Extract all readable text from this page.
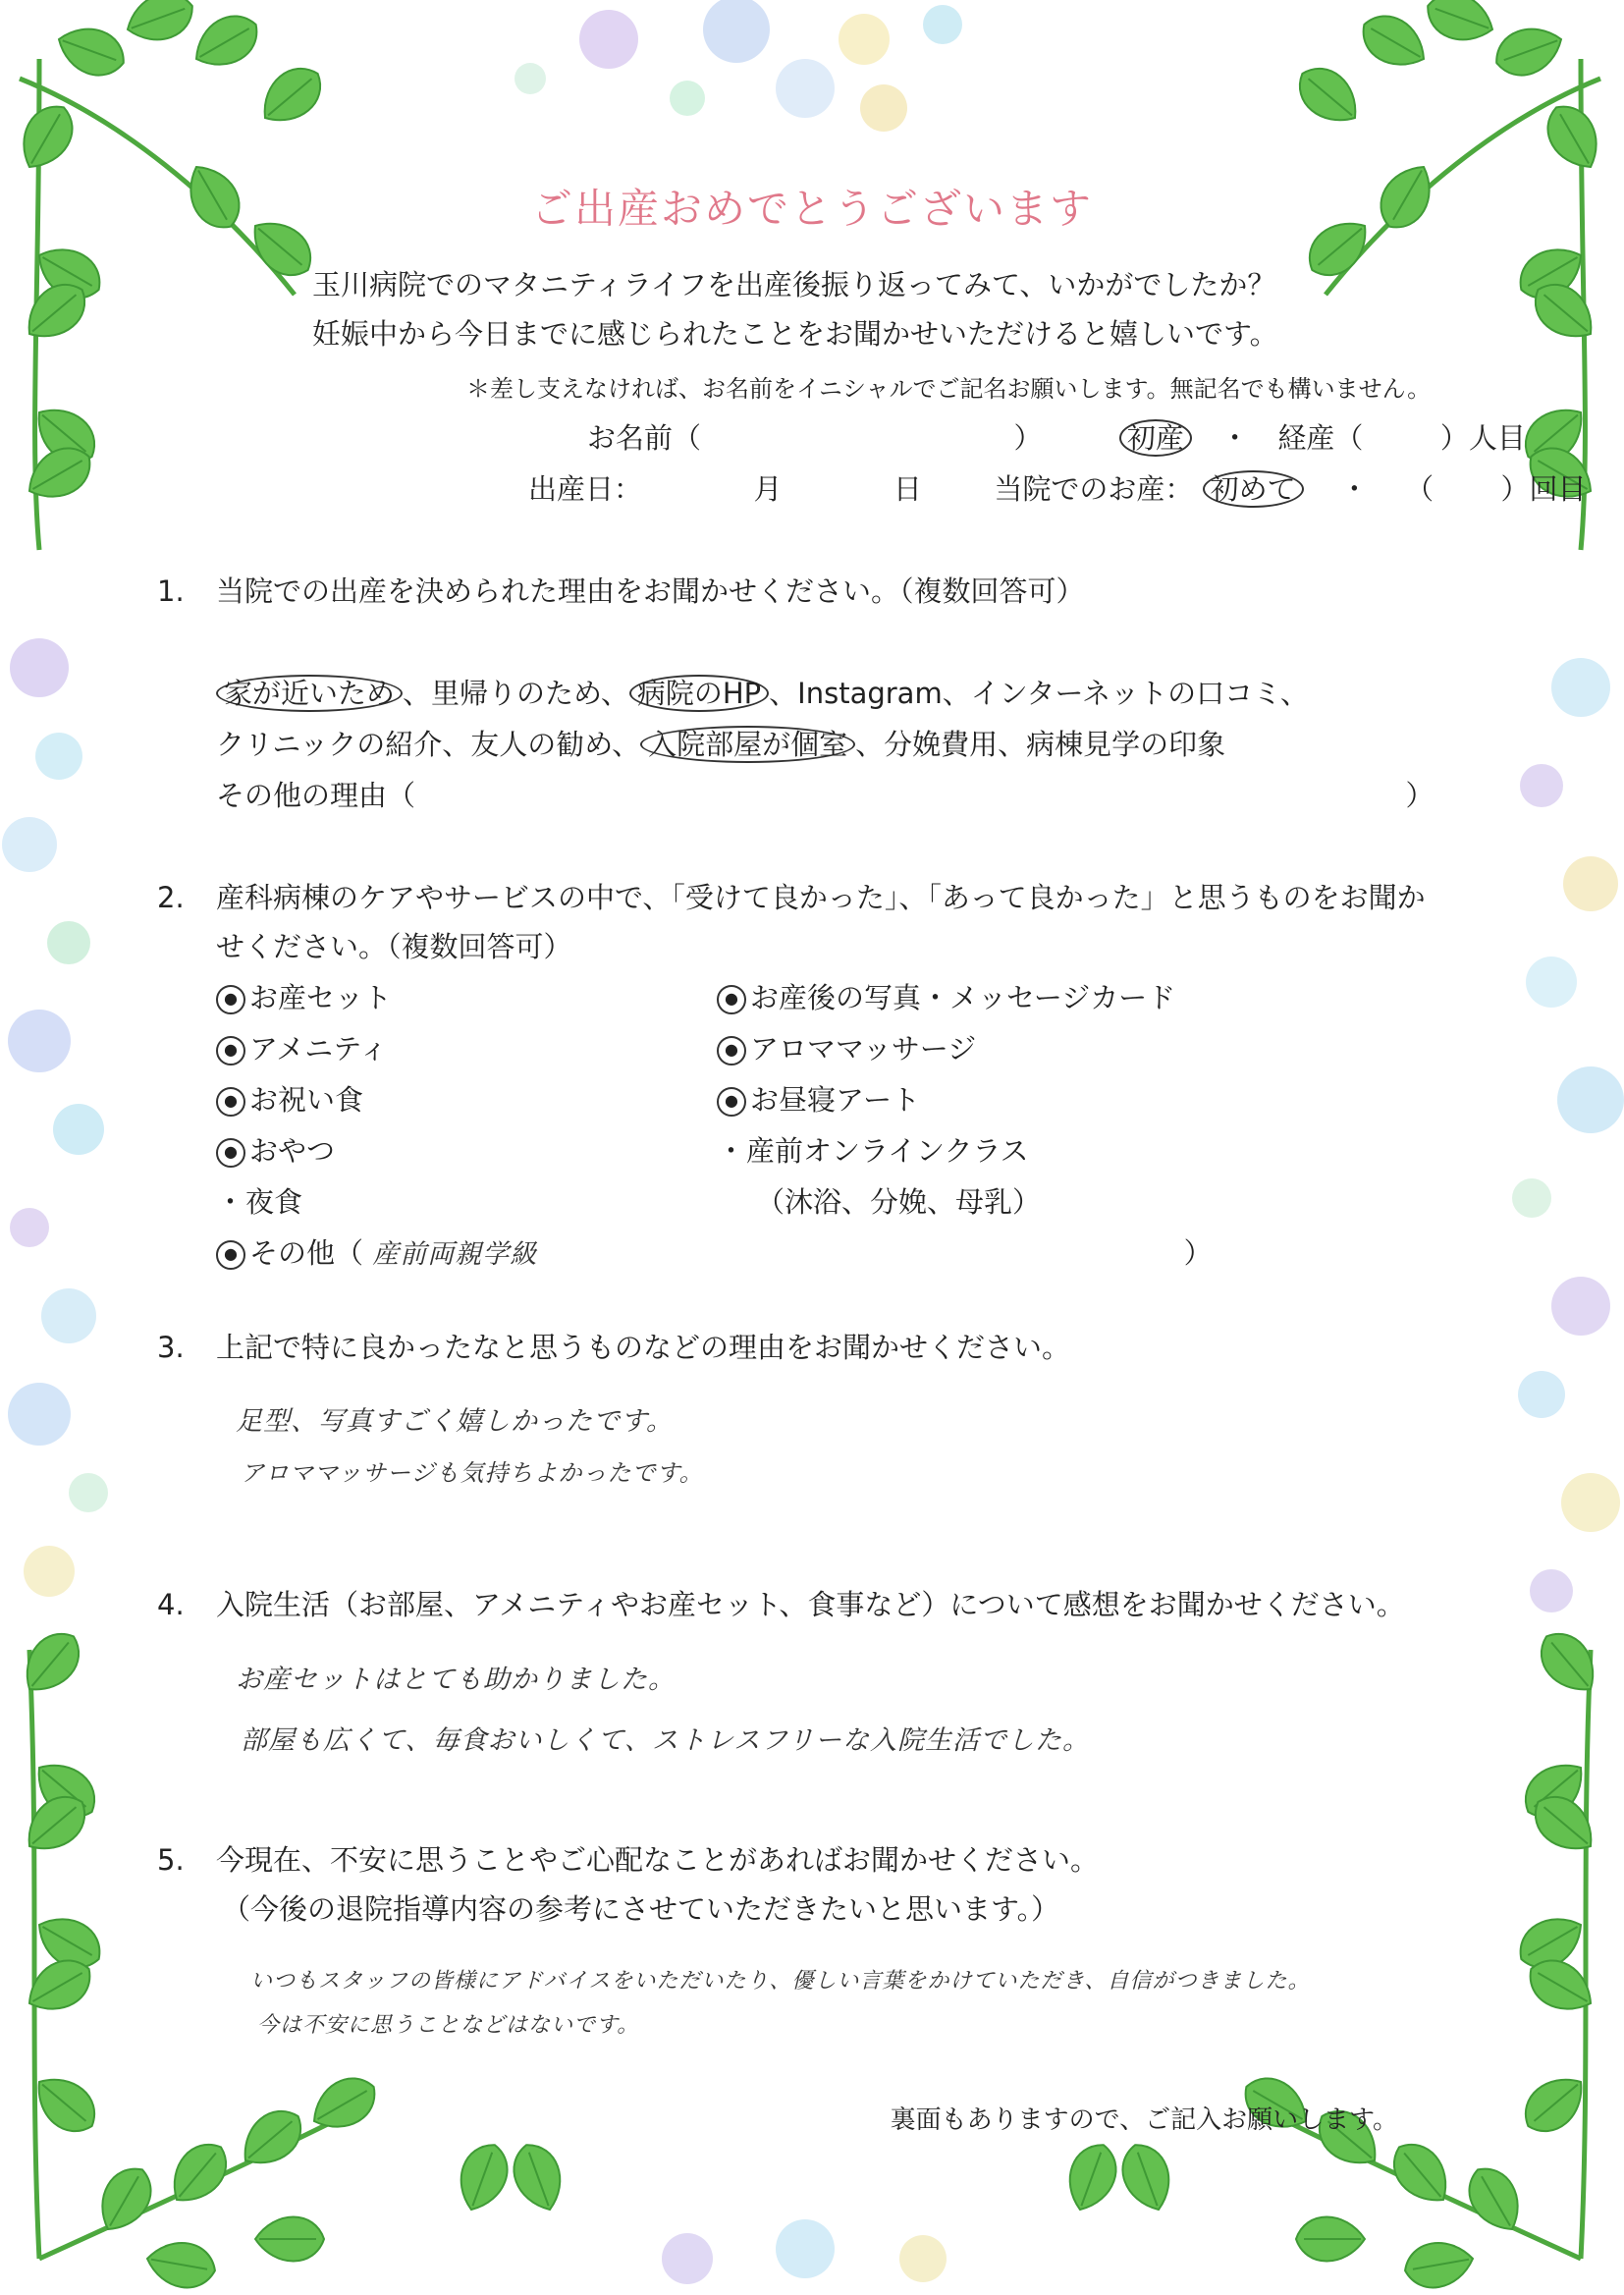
ご出産おめでとうございます
玉川病院でのマタニティライフを出産後振り返ってみて、いかがでしたか？
妊娠中から今日までに感じられたことをお聞かせいただけると嬉しいです。
＊差し支えなければ、お名前をイニシャルでご記名お願いします。無記名でも構いません。
お名前（	）	初産 ・ 経産（	）人目
出産日：	月	日	当院でのお産： 初めて ・ （ ）回目
1. 当院での出産を決められた理由をお聞かせください。（複数回答可）
家が近いため 、里帰りのため、 病院のHP 、Instagram、インターネットの口コミ、
クリニックの紹介、友人の勧め、 入院部屋が個室 、分娩費用、病棟見学の印象
その他の理由（	）
2. 産科病棟のケアやサービスの中で、「受けて良かった」、「あって良かった」と思うものをお聞か
せください。（複数回答可）
● お産セット
● アメニティ
● お祝い食
● おやつ
・夜食
● その他（ 産前両親学級	）
● お産後の写真・メッセージカード
● アロママッサージ
● お昼寝アート
・産前オンラインクラス
（沐浴、分娩、母乳）
3. 上記で特に良かったなと思うものなどの理由をお聞かせください。
足型、写真すごく嬉しかったです。
アロママッサージも気持ちよかったです。
4. 入院生活（お部屋、アメニティやお産セット、食事など）について感想をお聞かせください。
お産セットはとても助かりました。
部屋も広くて、毎食おいしくて、ストレスフリーな入院生活でした。
5. 今現在、不安に思うことやご心配なことがあればお聞かせください。
（今後の退院指導内容の参考にさせていただきたいと思います。）
いつもスタッフの皆様にアドバイスをいただいたり、優しい言葉をかけていただき、自信がつきました。
今は不安に思うことなどはないです。
裏面もありますので、ご記入お願いします。
